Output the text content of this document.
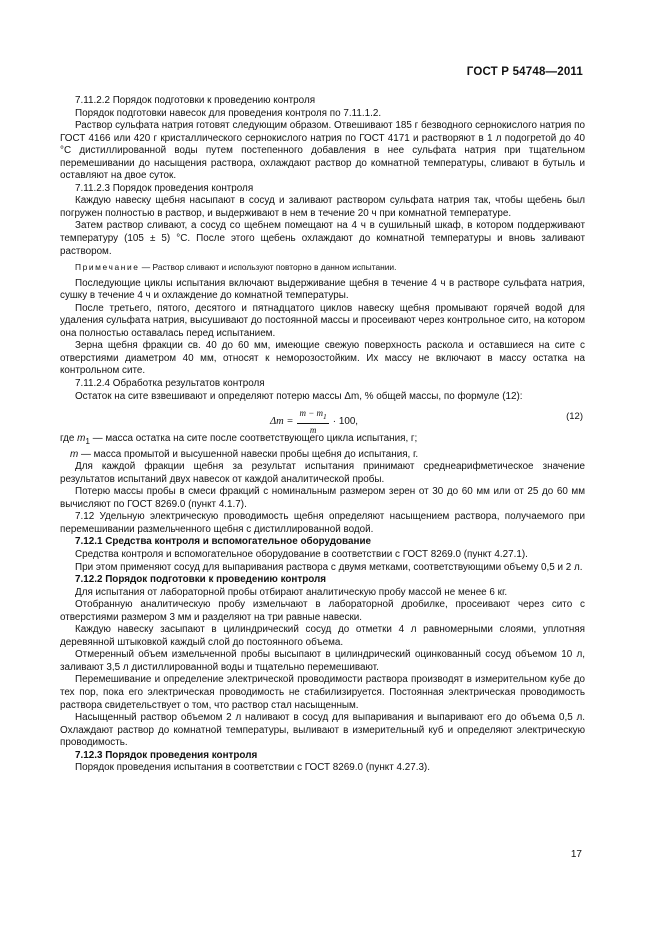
ГОСТ Р 54748—2011

7.11.2.2 Порядок подготовки к проведению контроля

Порядок подготовки навесок для проведения контроля по 7.11.1.2.

Раствор сульфата натрия готовят следующим образом. Отвешивают 185 г безводного сернокислого натрия по ГОСТ 4166 или 420 г кристаллического сернокислого натрия по ГОСТ 4171 и растворяют в 1 л подогретой до 40 °С дистиллированной воды путем постепенного добавления в нее сульфата натрия при тщательном перемешивании до насыщения раствора, охлаждают раствор до комнатной температуры, сливают в бутыль и оставляют на двое суток.

7.11.2.3 Порядок проведения контроля

Каждую навеску щебня насыпают в сосуд и заливают раствором сульфата натрия так, чтобы щебень был погружен полностью в раствор, и выдерживают в нем в течение 20 ч при комнатной температуре.

Затем раствор сливают, а сосуд со щебнем помещают на 4 ч в сушильный шкаф, в котором поддерживают температуру (105 ± 5) °С. После этого щебень охлаждают до комнатной температуры и вновь заливают раствором.

Примечание — Раствор сливают и используют повторно в данном испытании.

Последующие циклы испытания включают выдерживание щебня в течение 4 ч в растворе сульфата натрия, сушку в течение 4 ч и охлаждение до комнатной температуры.

После третьего, пятого, десятого и пятнадцатого циклов навеску щебня промывают горячей водой для удаления сульфата натрия, высушивают до постоянной массы и просеивают через контрольное сито, на котором она полностью оставалась перед испытанием.

Зерна щебня фракции св. 40 до 60 мм, имеющие свежую поверхность раскола и оставшиеся на сите с отверстиями диаметром 40 мм, относят к неморозостойким. Их массу не включают в массу остатка на контрольном сите.

7.11.2.4 Обработка результатов контроля

Остаток на сите взвешивают и определяют потерю массы Δm, % общей массы, по формуле (12):

$\Delta m = \frac{m - m_1}{m} \cdot 100$,	(12)

где $m_1$ — масса остатка на сите после соответствующего цикла испытания, г;

m — масса промытой и высушенной навески пробы щебня до испытания, г.

Для каждой фракции щебня за результат испытания принимают среднеарифметическое значение результатов испытаний двух навесок от каждой аналитической пробы.

Потерю массы пробы в смеси фракций с номинальным размером зерен от 30 до 60 мм или от 25 до 60 мм вычисляют по ГОСТ 8269.0 (пункт 4.1.7).

7.12 Удельную электрическую проводимость щебня определяют насыщением раствора, получаемого при перемешивании размельченного щебня с дистиллированной водой.

7.12.1 Средства контроля и вспомогательное оборудование

Средства контроля и вспомогательное оборудование в соответствии с ГОСТ 8269.0 (пункт 4.27.1).

При этом применяют сосуд для выпаривания раствора с двумя метками, соответствующими объему 0,5 и 2 л.

7.12.2 Порядок подготовки к проведению контроля

Для испытания от лабораторной пробы отбирают аналитическую пробу массой не менее 6 кг.

Отобранную аналитическую пробу измельчают в лабораторной дробилке, просеивают через сито с отверстиями размером 3 мм и разделяют на три равные навески.

Каждую навеску засыпают в цилиндрический сосуд до отметки 4 л равномерными слоями, уплотняя деревянной штыковкой каждый слой до постоянного объема.

Отмеренный объем измельченной пробы высыпают в цилиндрический оцинкованный сосуд объемом 10 л, заливают 3,5 л дистиллированной воды и тщательно перемешивают.

Перемешивание и определение электрической проводимости раствора производят в измерительном кубе до тех пор, пока его электрическая проводимость не стабилизируется. Постоянная электрическая проводимость раствора свидетельствует о том, что раствор стал насыщенным.

Насыщенный раствор объемом 2 л наливают в сосуд для выпаривания и выпаривают его до объема 0,5 л. Охлаждают раствор до комнатной температуры, выливают в измерительный куб и определяют электрическую проводимость.

7.12.3 Порядок проведения контроля

Порядок проведения испытания в соответствии с ГОСТ 8269.0 (пункт 4.27.3).

17
